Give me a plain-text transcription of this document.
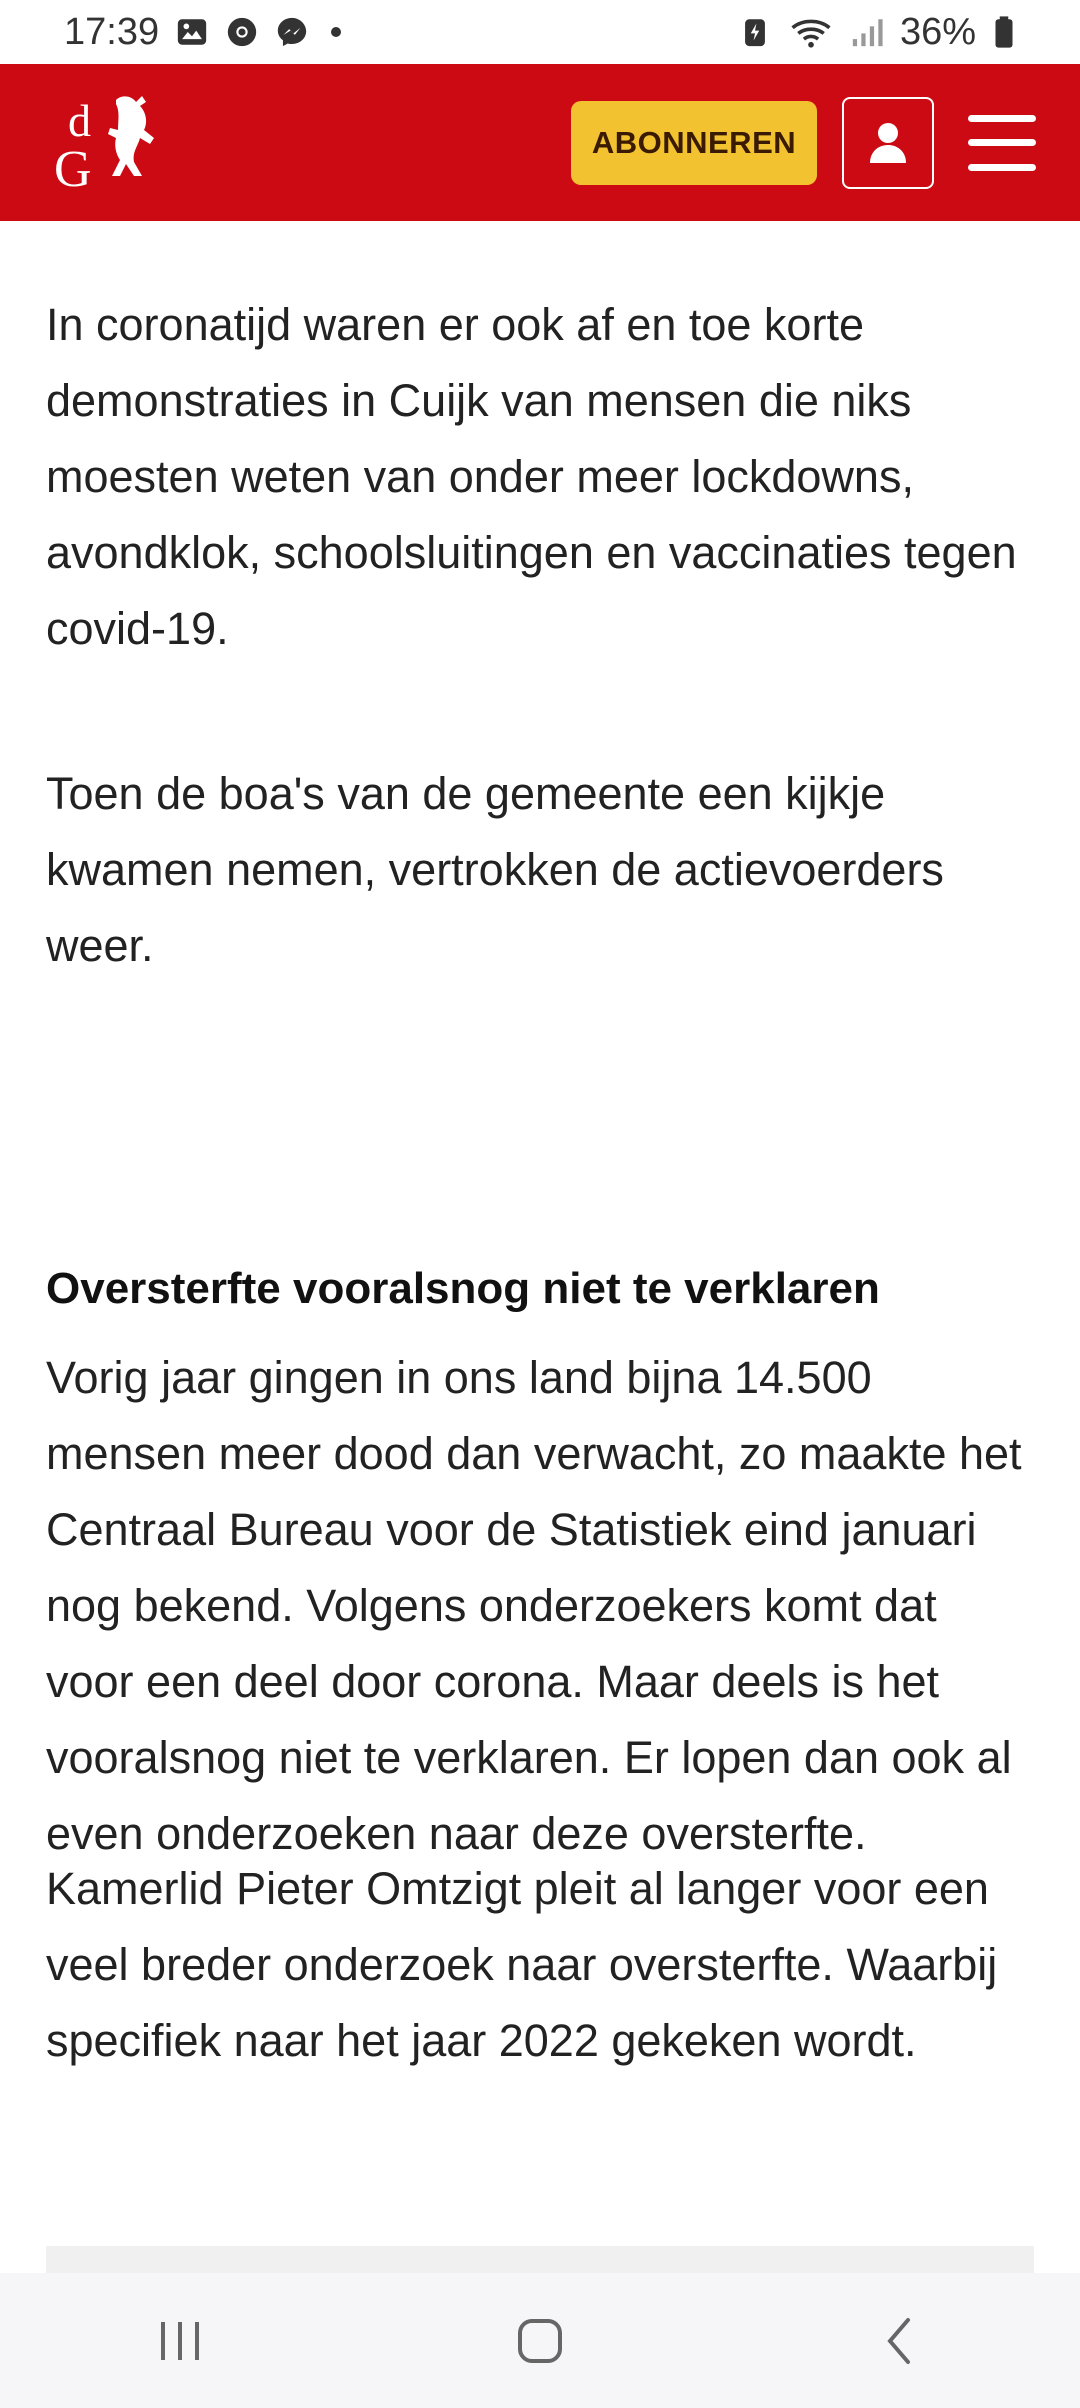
17:39	36%
d
G	ABONNEREN

In coronatijd waren er ook af en toe korte demonstraties in Cuijk van mensen die niks moesten weten van onder meer lockdowns, avondklok, schoolsluitingen en vaccinaties tegen covid-19.

Toen de boa's van de gemeente een kijkje kwamen nemen, vertrokken de actievoerders weer.

Oversterfte vooralsnog niet te verklaren

Vorig jaar gingen in ons land bijna 14.500 mensen meer dood dan verwacht, zo maakte het Centraal Bureau voor de Statistiek eind januari nog bekend. Volgens onderzoekers komt dat voor een deel door corona. Maar deels is het vooralsnog niet te verklaren. Er lopen dan ook al even onderzoeken naar deze oversterfte.

Kamerlid Pieter Omtzigt pleit al langer voor een veel breder onderzoek naar oversterfte. Waarbij specifiek naar het jaar 2022 gekeken wordt.
